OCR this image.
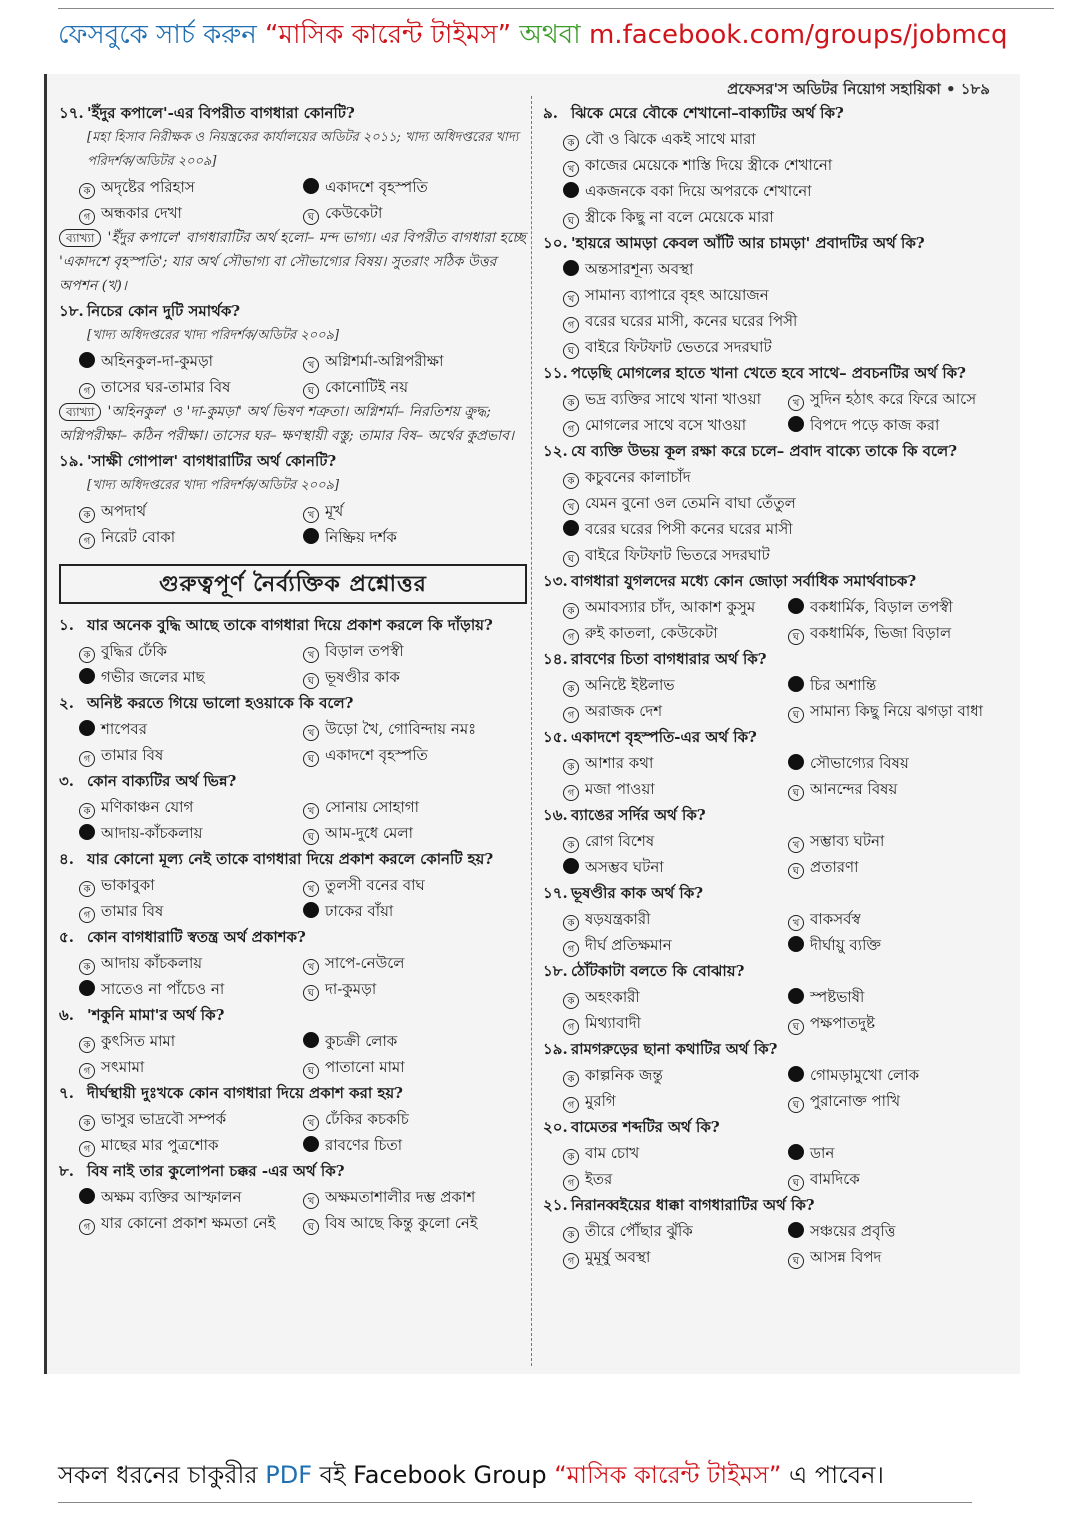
ফেসবুকে সার্চ করুন “মাসিক কারেন্ট টাইমস” অথবা m.facebook.com/groups/jobmcq
প্রফেসর'স অডিটর নিয়োগ সহায়িকা • ১৮৯
১৭. 'ইঁদুর কপালে'-এর বিপরীত বাগধারা কোনটি?
[মহা হিসাব নিরীক্ষক ও নিয়ন্ত্রকের কার্যালয়ের অডিটর ২০১১; খাদ্য অধিদপ্তরের খাদ্য পরিদর্শক/অডিটর ২০০৯]
ক অদৃষ্টের পরিহাস	একাদশে বৃহস্পতি
গ অন্ধকার দেখা	ঘ কেউকেটা
ব্যাখ্যা 'ইঁদুর কপালে' বাগধারাটির অর্থ হলো– মন্দ ভাগ্য। এর বিপরীত বাগধারা হচ্ছে 'একাদশে বৃহস্পতি'; যার অর্থ সৌভাগ্য বা সৌভাগ্যের বিষয়। সুতরাং সঠিক উত্তর অপশন (খ)।
১৮. নিচের কোন দুটি সমার্থক?
[খাদ্য অধিদপ্তরের খাদ্য পরিদর্শক/অডিটর ২০০৯]
অহিনকুল-দা-কুমড়া	খ অগ্নিশর্মা-অগ্নিপরীক্ষা
গ তাসের ঘর-তামার বিষ	ঘ কোনোটিই নয়
ব্যাখ্যা 'অহিনকুল' ও 'দা-কুমড়া' অর্থ ভিষণ শত্রুতা। অগ্নিশর্মা– নিরতিশয় ক্রুদ্ধ; অগ্নিপরীক্ষা– কঠিন পরীক্ষা। তাসের ঘর– ক্ষণস্থায়ী বস্তু; তামার বিষ– অর্থের কুপ্রভাব।
১৯. 'সাক্ষী গোপাল' বাগধারাটির অর্থ কোনটি?
[খাদ্য অধিদপ্তরের খাদ্য পরিদর্শক/অডিটর ২০০৯]
ক অপদার্থ	খ মূর্খ
গ নিরেট বোকা	নিষ্ক্রিয় দর্শক
গুরুত্বপূর্ণ নৈর্ব্যক্তিক প্রশ্নোত্তর
১. যার অনেক বুদ্ধি আছে তাকে বাগধারা দিয়ে প্রকাশ করলে কি দাঁড়ায়?
ক বুদ্ধির ঢেঁকি	খ বিড়াল তপস্বী
গভীর জলের মাছ	ঘ ভূষণ্ডীর কাক
২. অনিষ্ট করতে গিয়ে ভালো হওয়াকে কি বলে?
শাপেবর	খ উড়ো খৈ, গোবিন্দায় নমঃ
গ তামার বিষ	ঘ একাদশে বৃহস্পতি
৩. কোন বাক্যটির অর্থ ভিন্ন?
ক মণিকাঞ্চন যোগ	খ সোনায় সোহাগা
আদায়-কাঁচকলায়	ঘ আম-দুধে মেলা
৪. যার কোনো মূল্য নেই তাকে বাগধারা দিয়ে প্রকাশ করলে কোনটি হয়?
ক ভাকাবুকা	খ তুলসী বনের বাঘ
গ তামার বিষ	ঢাকের বাঁয়া
৫. কোন বাগধারাটি স্বতন্ত্র অর্থ প্রকাশক?
ক আদায় কাঁচকলায়	খ সাপে-নেউলে
সাতেও না পাঁচেও না	ঘ দা-কুমড়া
৬. 'শকুনি মামা'র অর্থ কি?
ক কুৎসিত মামা	কুচক্রী লোক
গ সৎমামা	ঘ পাতানো মামা
৭. দীর্ঘস্থায়ী দুঃখকে কোন বাগধারা দিয়ে প্রকাশ করা হয়?
ক ভাসুর ভাদ্রবৌ সম্পর্ক	খ ঢেঁকির কচকচি
গ মাছের মার পুত্রশোক	রাবণের চিতা
৮. বিষ নাই তার কুলোপনা চক্কর -এর অর্থ কি?
অক্ষম ব্যক্তির আস্ফালন	খ অক্ষমতাশালীর দম্ভ প্রকাশ
গ যার কোনো প্রকাশ ক্ষমতা নেই	ঘ বিষ আছে কিন্তু কুলো নেই
৯. ঝিকে মেরে বৌকে শেখানো–বাক্যটির অর্থ কি?
ক বৌ ও ঝিকে একই সাথে মারা
খ কাজের মেয়েকে শাস্তি দিয়ে স্ত্রীকে শেখানো
একজনকে বকা দিয়ে অপরকে শেখানো
ঘ স্ত্রীকে কিছু না বলে মেয়েকে মারা
১০. 'হায়রে আমড়া কেবল আঁটি আর চামড়া' প্রবাদটির অর্থ কি?
অন্তসারশূন্য অবস্থা
খ সামান্য ব্যাপারে বৃহৎ আয়োজন
গ বরের ঘরের মাসী, কনের ঘরের পিসী
ঘ বাইরে ফিটফাট ভেতরে সদরঘাট
১১. পড়েছি মোগলের হাতে খানা খেতে হবে সাথে– প্রবচনটির অর্থ কি?
ক ভদ্র ব্যক্তির সাথে খানা খাওয়া	খ সুদিন হঠাৎ করে ফিরে আসে
গ মোগলের সাথে বসে খাওয়া	বিপদে পড়ে কাজ করা
১২. যে ব্যক্তি উভয় কূল রক্ষা করে চলে– প্রবাদ বাক্যে তাকে কি বলে?
ক কচুবনের কালাচাঁদ
খ যেমন বুনো ওল তেমনি বাঘা তেঁতুল
বরের ঘরের পিসী কনের ঘরের মাসী
ঘ বাইরে ফিটফাট ভিতরে সদরঘাট
১৩. বাগধারা যুগলদের মধ্যে কোন জোড়া সর্বাধিক সমার্থবাচক?
ক অমাবস্যার চাঁদ, আকাশ কুসুম	বকধার্মিক, বিড়াল তপস্বী
গ রুই কাতলা, কেউকেটা	ঘ বকধার্মিক, ভিজা বিড়াল
১৪. রাবণের চিতা বাগধারার অর্থ কি?
ক অনিষ্টে ইষ্টলাভ	চির অশান্তি
গ অরাজক দেশ	ঘ সামান্য কিছু নিয়ে ঝগড়া বাধা
১৫. একাদশে বৃহস্পতি-এর অর্থ কি?
ক আশার কথা	সৌভাগ্যের বিষয়
গ মজা পাওয়া	ঘ আনন্দের বিষয়
১৬. ব্যাঙের সর্দির অর্থ কি?
ক রোগ বিশেষ	খ সম্ভাব্য ঘটনা
অসম্ভব ঘটনা	ঘ প্রতারণা
১৭. ভূষণ্ডীর কাক অর্থ কি?
ক ষড়যন্ত্রকারী	খ বাকসর্বস্ব
গ দীর্ঘ প্রতিক্ষমান	দীর্ঘায়ু ব্যক্তি
১৮. ঠোঁটকাটা বলতে কি বোঝায়?
ক অহংকারী	স্পষ্টভাষী
গ মিথ্যাবাদী	ঘ পক্ষপাতদুষ্ট
১৯. রামগরুড়ের ছানা কথাটির অর্থ কি?
ক কাল্পনিক জন্তু	গোমড়ামুখো লোক
গ মুরগি	ঘ পুরানোক্ত পাখি
২০. বামেতর শব্দটির অর্থ কি?
ক বাম চোখ	ডান
গ ইতর	ঘ বামদিকে
২১. নিরানব্বইয়ের ধাক্কা বাগধারাটির অর্থ কি?
ক তীরে পৌঁছার ঝুঁকি	সঞ্চয়ের প্রবৃত্তি
গ মুমূর্ষু অবস্থা	ঘ আসন্ন বিপদ
সকল ধরনের চাকুরীর PDF বই Facebook Group “মাসিক কারেন্ট টাইমস” এ পাবেন।
